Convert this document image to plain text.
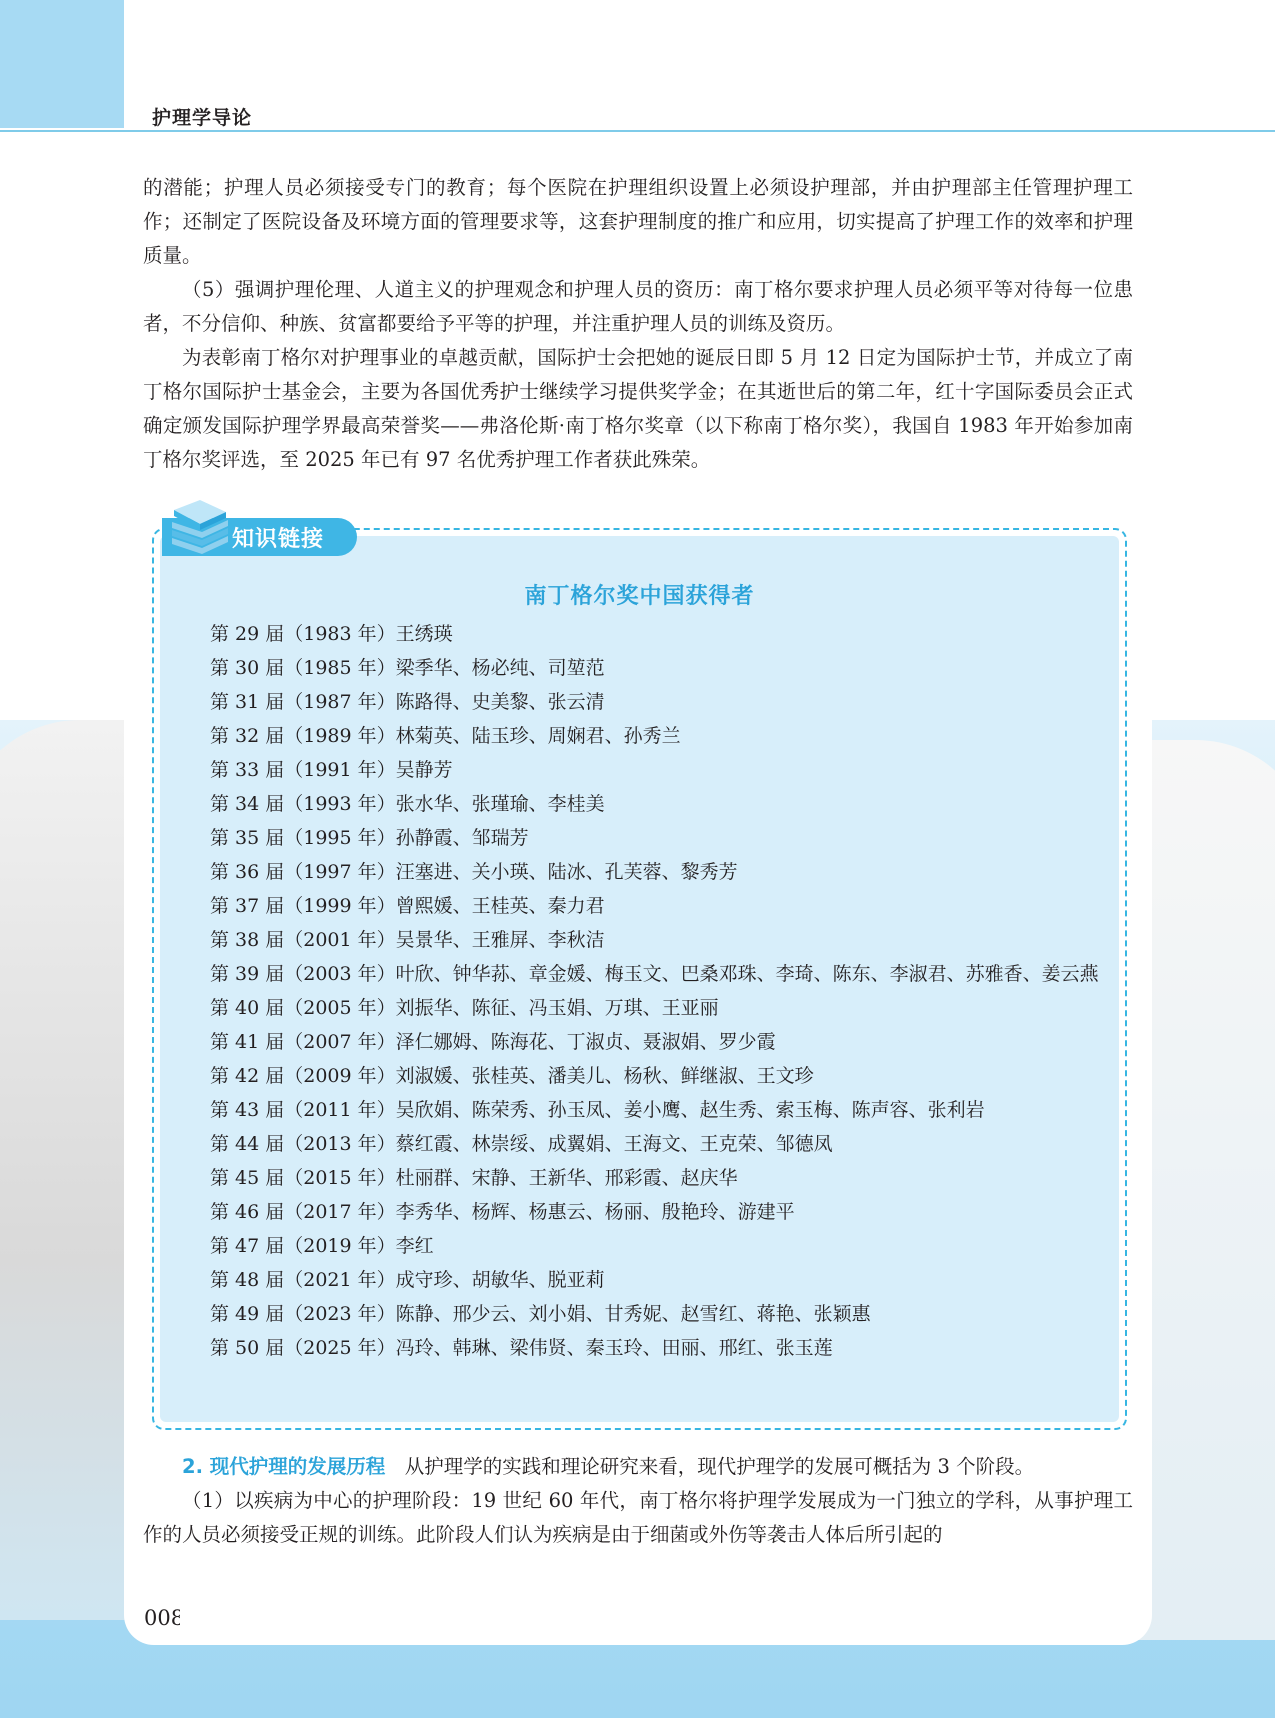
护理学导论

的潜能；护理人员必须接受专门的教育；每个医院在护理组织设置上必须设护理部，并由护理部主任管理护理工作；还制定了医院设备及环境方面的管理要求等，这套护理制度的推广和应用，切实提高了护理工作的效率和护理质量。

（5）强调护理伦理、人道主义的护理观念和护理人员的资历：南丁格尔要求护理人员必须平等对待每一位患者，不分信仰、种族、贫富都要给予平等的护理，并注重护理人员的训练及资历。

为表彰南丁格尔对护理事业的卓越贡献，国际护士会把她的诞辰日即 5 月 12 日定为国际护士节，并成立了南丁格尔国际护士基金会，主要为各国优秀护士继续学习提供奖学金；在其逝世后的第二年，红十字国际委员会正式确定颁发国际护理学界最高荣誉奖——弗洛伦斯·南丁格尔奖章（以下称南丁格尔奖），我国自 1983 年开始参加南丁格尔奖评选，至 2025 年已有 97 名优秀护理工作者获此殊荣。

知识链接
南丁格尔奖中国获得者
第 29 届（1983 年）王绣瑛
第 30 届（1985 年）梁季华、杨必纯、司堃范
第 31 届（1987 年）陈路得、史美黎、张云清
第 32 届（1989 年）林菊英、陆玉珍、周娴君、孙秀兰
第 33 届（1991 年）吴静芳
第 34 届（1993 年）张水华、张瑾瑜、李桂美
第 35 届（1995 年）孙静霞、邹瑞芳
第 36 届（1997 年）汪塞进、关小瑛、陆冰、孔芙蓉、黎秀芳
第 37 届（1999 年）曾熙媛、王桂英、秦力君
第 38 届（2001 年）吴景华、王雅屏、李秋洁
第 39 届（2003 年）叶欣、钟华荪、章金媛、梅玉文、巴桑邓珠、李琦、陈东、李淑君、苏雅香、姜云燕
第 40 届（2005 年）刘振华、陈征、冯玉娟、万琪、王亚丽
第 41 届（2007 年）泽仁娜姆、陈海花、丁淑贞、聂淑娟、罗少霞
第 42 届（2009 年）刘淑媛、张桂英、潘美儿、杨秋、鲜继淑、王文珍
第 43 届（2011 年）吴欣娟、陈荣秀、孙玉凤、姜小鹰、赵生秀、索玉梅、陈声容、张利岩
第 44 届（2013 年）蔡红霞、林崇绥、成翼娟、王海文、王克荣、邹德凤
第 45 届（2015 年）杜丽群、宋静、王新华、邢彩霞、赵庆华
第 46 届（2017 年）李秀华、杨辉、杨惠云、杨丽、殷艳玲、游建平
第 47 届（2019 年）李红
第 48 届（2021 年）成守珍、胡敏华、脱亚莉
第 49 届（2023 年）陈静、邢少云、刘小娟、甘秀妮、赵雪红、蒋艳、张颖惠
第 50 届（2025 年）冯玲、韩琳、梁伟贤、秦玉玲、田丽、邢红、张玉莲

2. 现代护理的发展历程　 从护理学的实践和理论研究来看，现代护理学的发展可概括为 3 个阶段。

（1）以疾病为中心的护理阶段：19 世纪 60 年代，南丁格尔将护理学发展成为一门独立的学科，从事护理工作的人员必须接受正规的训练。此阶段人们认为疾病是由于细菌或外伤等袭击人体后所引起的

008
